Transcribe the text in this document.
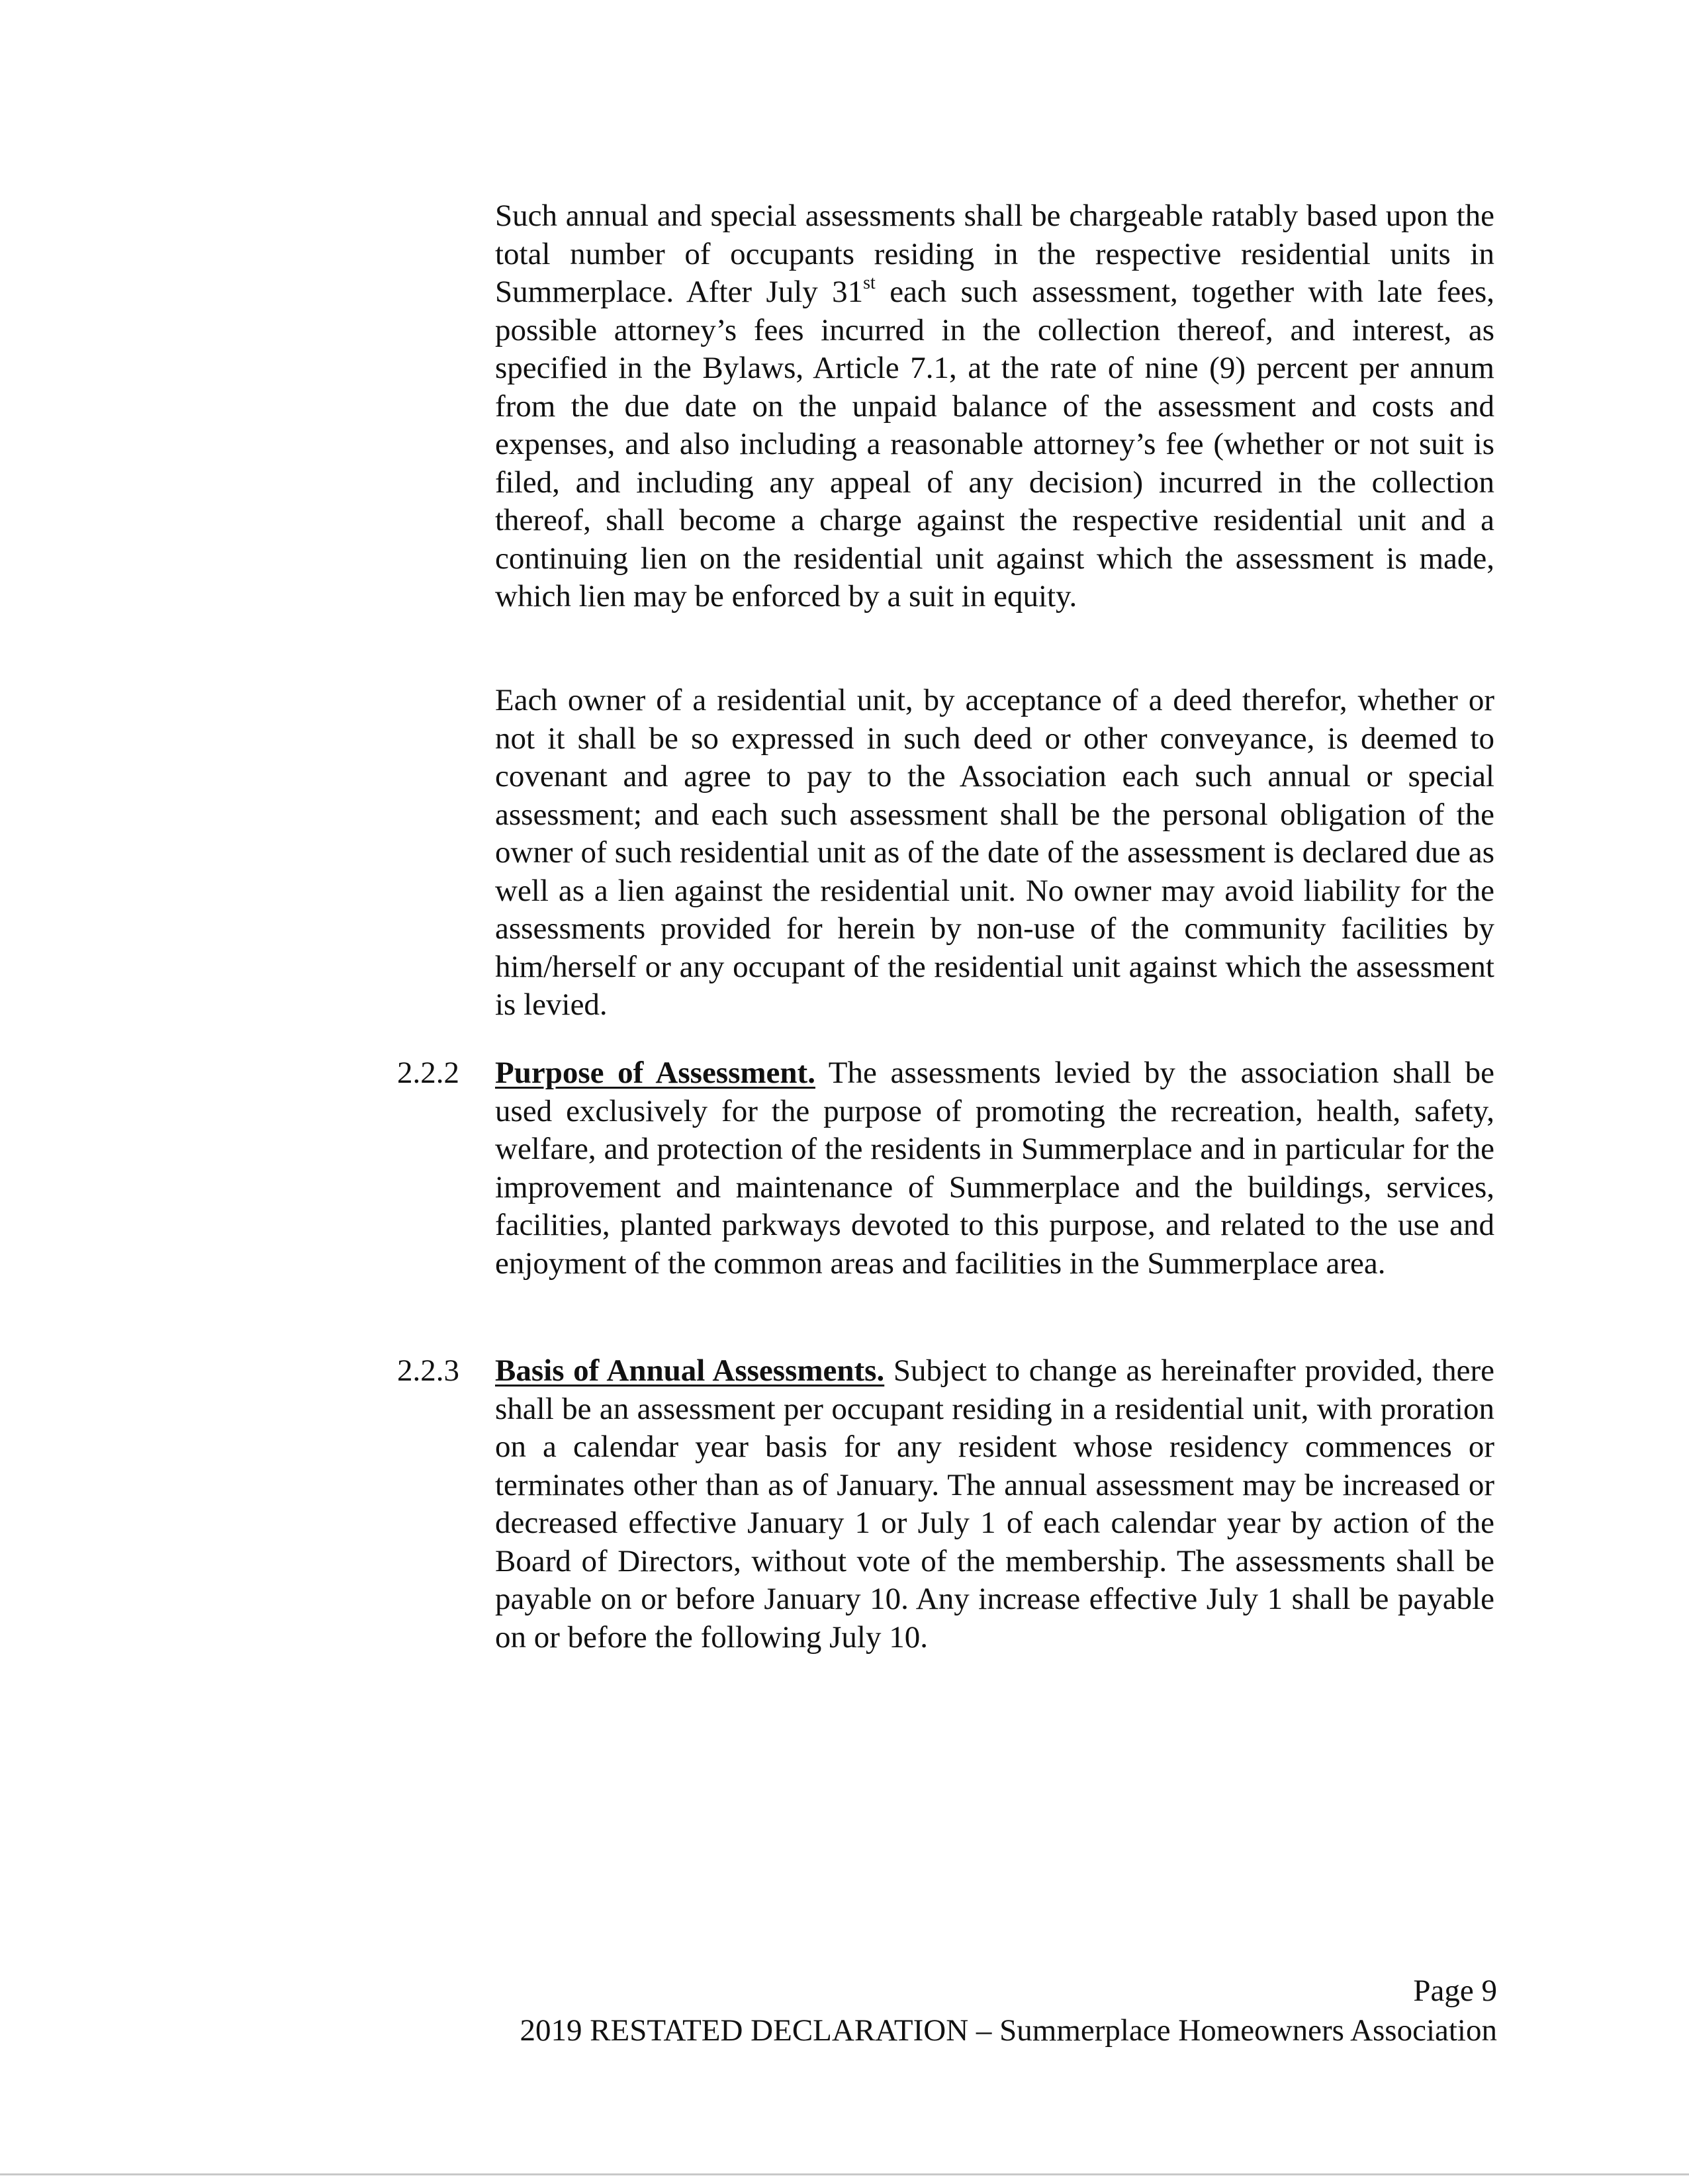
Such annual and special assessments shall be chargeable ratably based upon the total number of occupants residing in the respective residential units in Summerplace. After July 31st each such assessment, together with late fees, possible attorney’s fees incurred in the collection thereof, and interest, as specified in the Bylaws, Article 7.1, at the rate of nine (9) percent per annum from the due date on the unpaid balance of the assessment and costs and expenses, and also including a reasonable attorney’s fee (whether or not suit is filed, and including any appeal of any decision) incurred in the collection thereof, shall become a charge against the respective residential unit and a continuing lien on the residential unit against which the assessment is made, which lien may be enforced by a suit in equity.

Each owner of a residential unit, by acceptance of a deed therefor, whether or not it shall be so expressed in such deed or other conveyance, is deemed to covenant and agree to pay to the Association each such annual or special assessment; and each such assessment shall be the personal obligation of the owner of such residential unit as of the date of the assessment is declared due as well as a lien against the residential unit. No owner may avoid liability for the assessments provided for herein by non-use of the community facilities by him/herself or any occupant of the residential unit against which the assessment is levied.

2.2.2	Purpose of Assessment. The assessments levied by the association shall be used exclusively for the purpose of promoting the recreation, health, safety, welfare, and protection of the residents in Summerplace and in particular for the improvement and maintenance of Summerplace and the buildings, services, facilities, planted parkways devoted to this purpose, and related to the use and enjoyment of the common areas and facilities in the Summerplace area.
2.2.3	Basis of Annual Assessments. Subject to change as hereinafter provided, there shall be an assessment per occupant residing in a residential unit, with proration on a calendar year basis for any resident whose residency commences or terminates other than as of January. The annual assessment may be increased or decreased effective January 1 or July 1 of each calendar year by action of the Board of Directors, without vote of the membership. The assessments shall be payable on or before January 10. Any increase effective July 1 shall be payable on or before the following July 10.
Page 9
2019 RESTATED DECLARATION – Summerplace Homeowners Association
